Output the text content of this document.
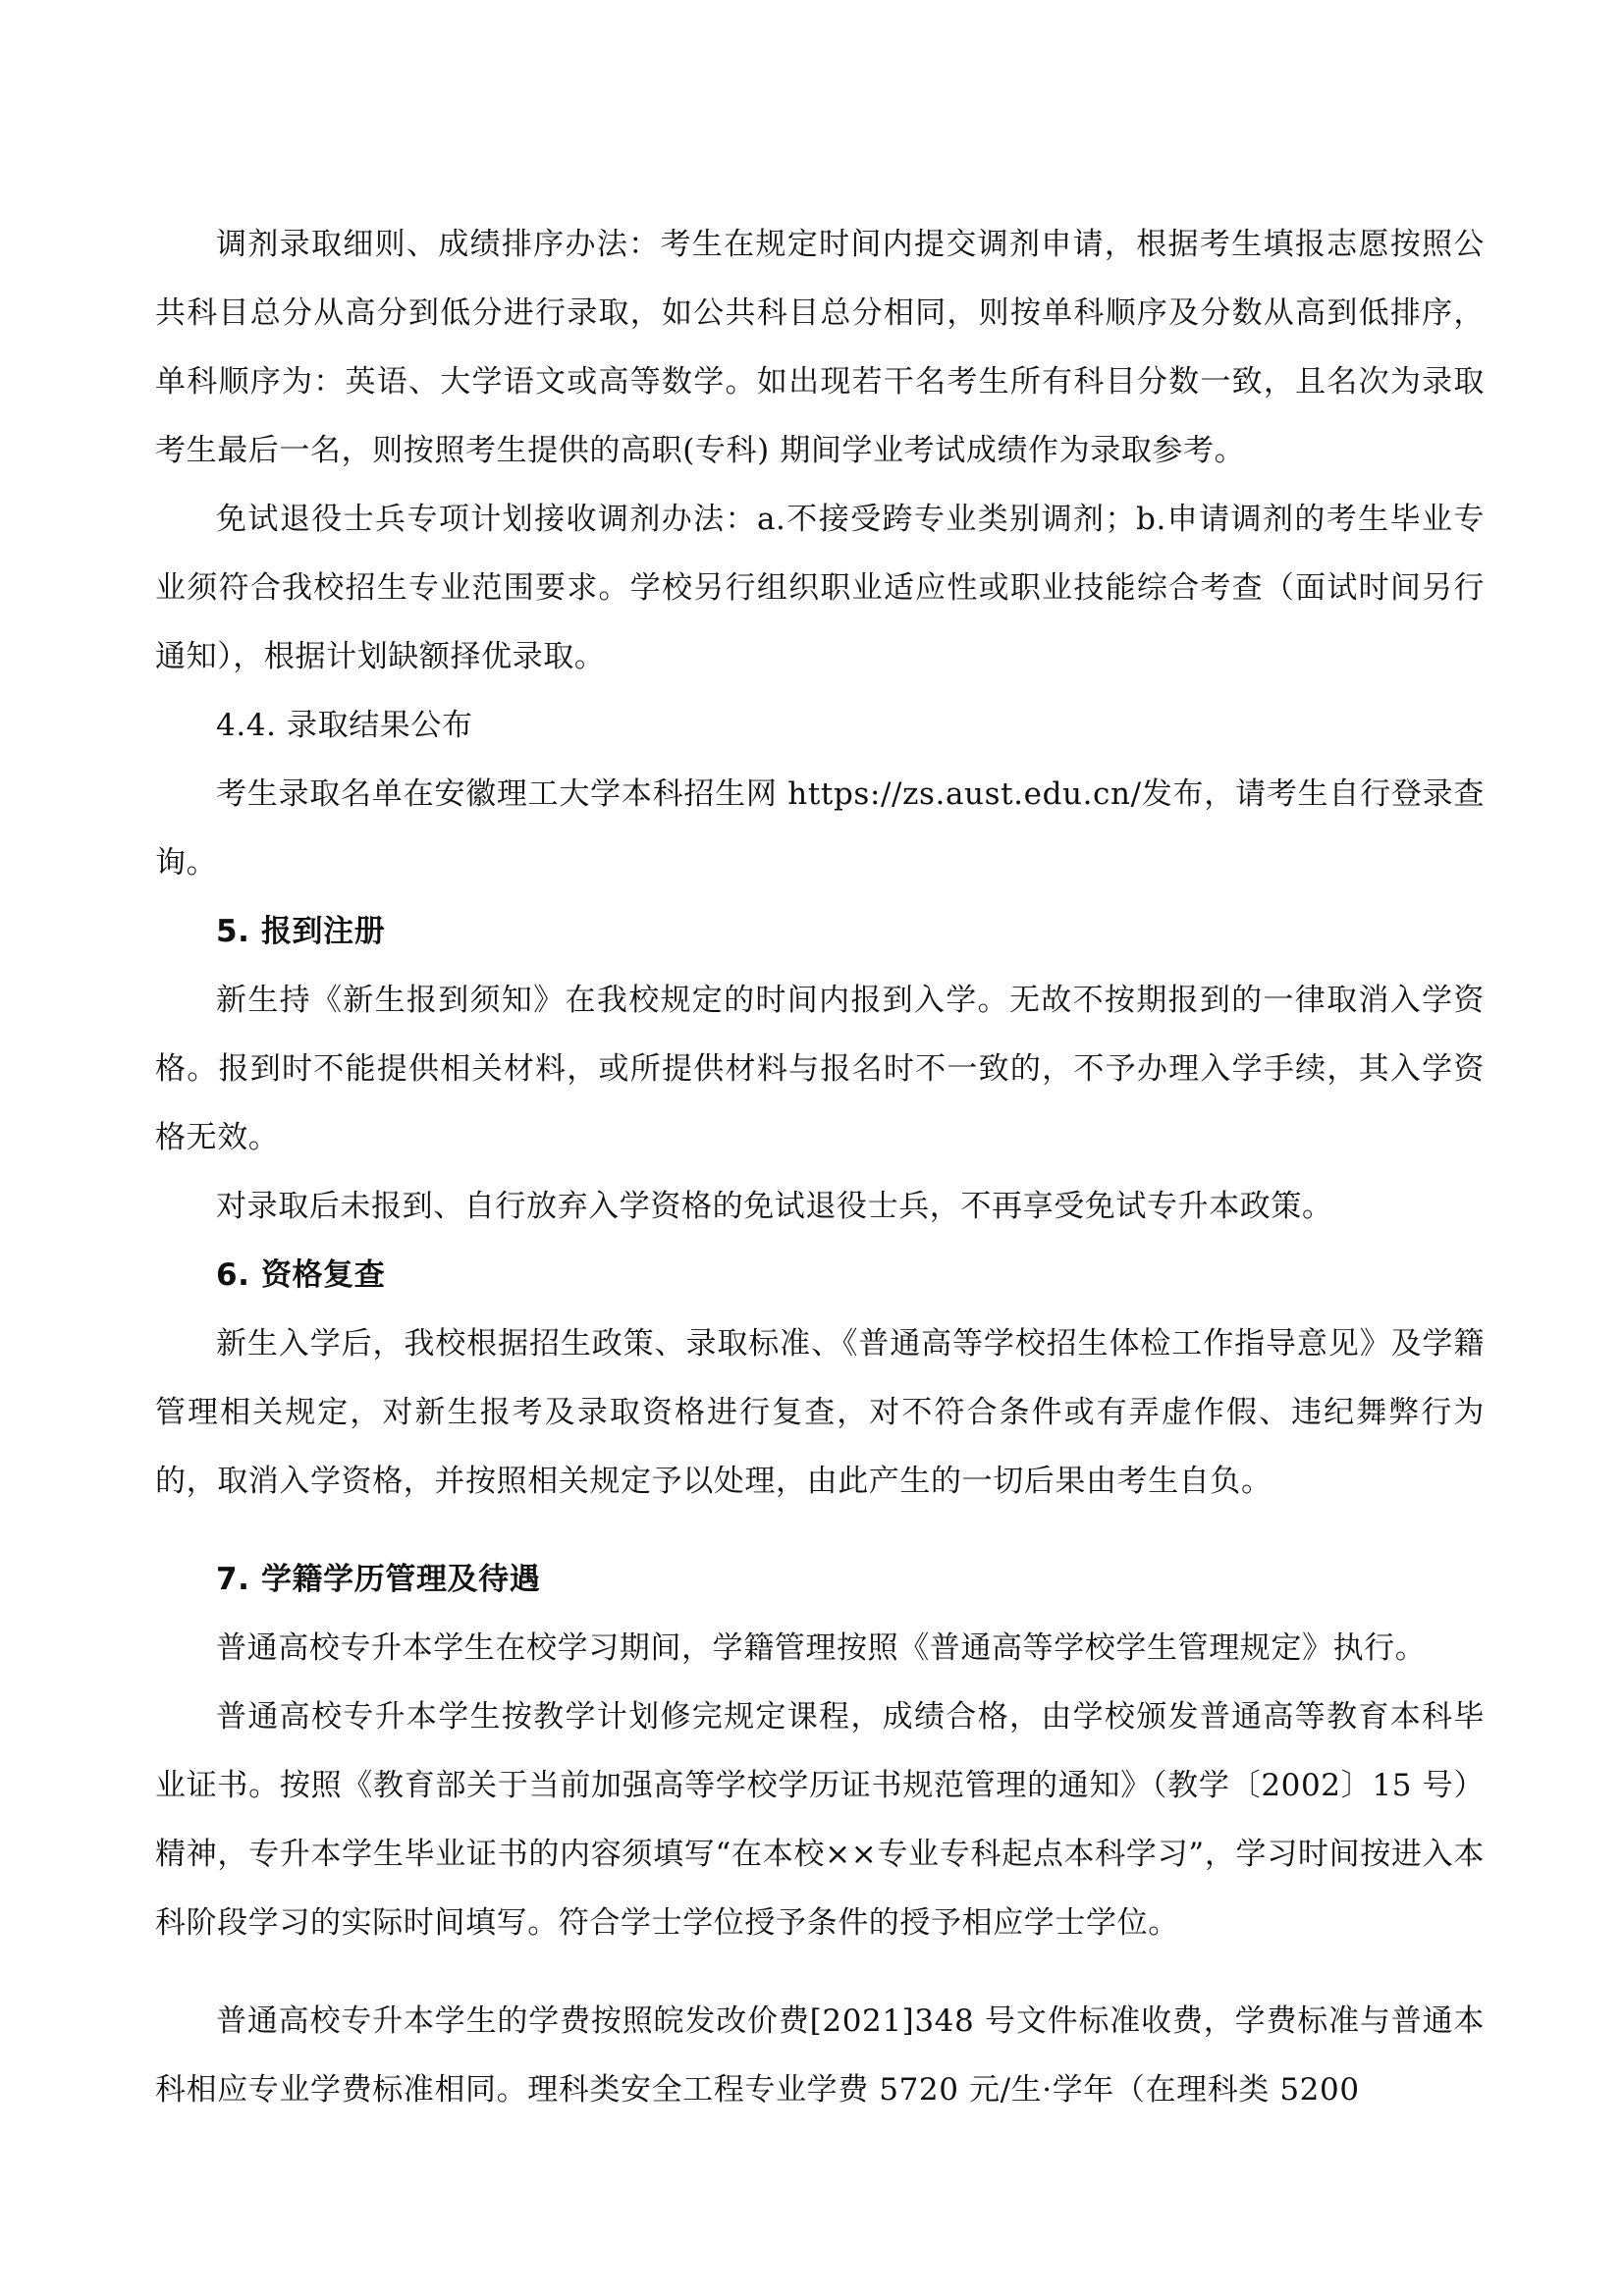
调剂录取细则、成绩排序办法：考生在规定时间内提交调剂申请，根据考生填报志愿按照公共科目总分从高分到低分进行录取，如公共科目总分相同，则按单科顺序及分数从高到低排序，单科顺序为：英语、大学语文或高等数学。如出现若干名考生所有科目分数一致，且名次为录取考生最后一名，则按照考生提供的高职(专科) 期间学业考试成绩作为录取参考。

免试退役士兵专项计划接收调剂办法：a.不接受跨专业类别调剂；b.申请调剂的考生毕业专业须符合我校招生专业范围要求。学校另行组织职业适应性或职业技能综合考查（面试时间另行通知），根据计划缺额择优录取。

4.4. 录取结果公布

考生录取名单在安徽理工大学本科招生网 https://zs.aust.edu.cn/发布，请考生自行登录查询。

5. 报到注册

新生持《新生报到须知》在我校规定的时间内报到入学。无故不按期报到的一律取消入学资格。报到时不能提供相关材料，或所提供材料与报名时不一致的，不予办理入学手续，其入学资格无效。

对录取后未报到、自行放弃入学资格的免试退役士兵，不再享受免试专升本政策。

6. 资格复查

新生入学后，我校根据招生政策、录取标准、《普通高等学校招生体检工作指导意见》及学籍管理相关规定，对新生报考及录取资格进行复查，对不符合条件或有弄虚作假、违纪舞弊行为的，取消入学资格，并按照相关规定予以处理，由此产生的一切后果由考生自负。

7. 学籍学历管理及待遇

普通高校专升本学生在校学习期间，学籍管理按照《普通高等学校学生管理规定》执行。

普通高校专升本学生按教学计划修完规定课程，成绩合格，由学校颁发普通高等教育本科毕业证书。按照《教育部关于当前加强高等学校学历证书规范管理的通知》（教学〔2002〕15 号）精神，专升本学生毕业证书的内容须填写“在本校××专业专科起点本科学习”，学习时间按进入本科阶段学习的实际时间填写。符合学士学位授予条件的授予相应学士学位。

普通高校专升本学生的学费按照皖发改价费[2021]348 号文件标准收费，学费标准与普通本科相应专业学费标准相同。理科类安全工程专业学费 5720 元/生·学年（在理科类 5200
